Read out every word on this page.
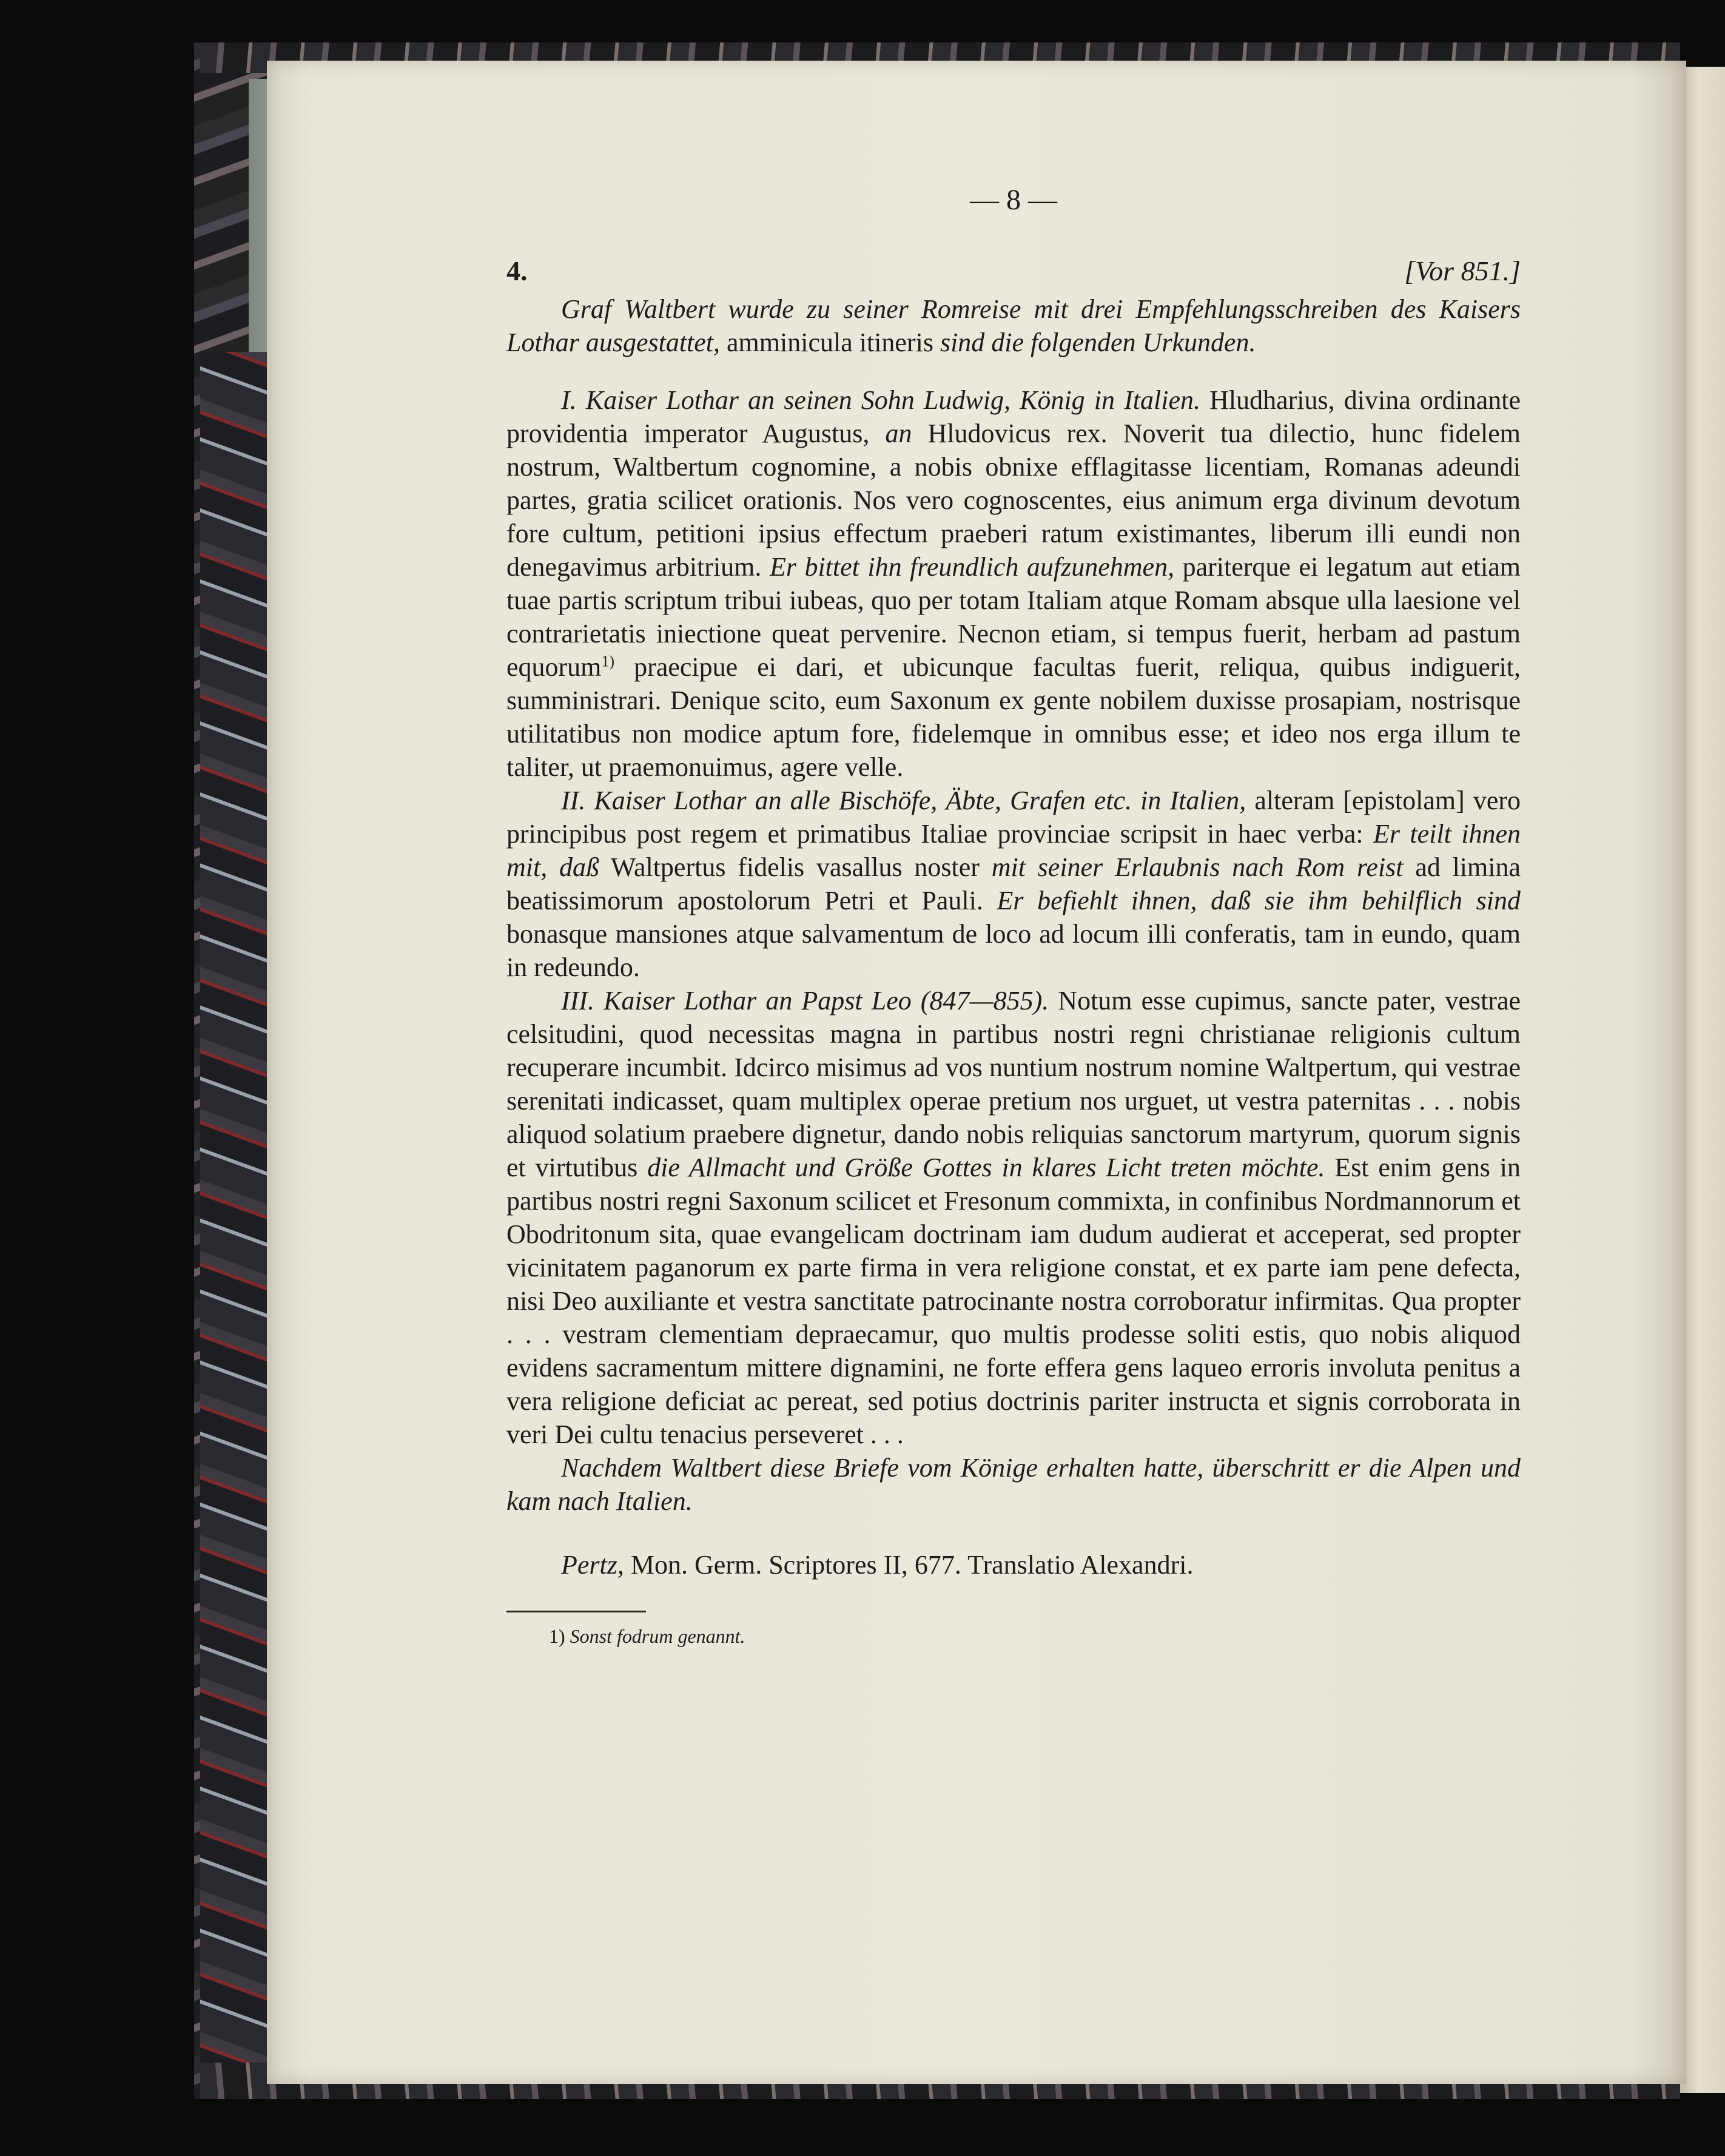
— 8 —
4.	[Vor 851.]

Graf Waltbert wurde zu seiner Romreise mit drei Empfehlungsschreiben des Kaisers Lothar ausgestattet, amminicula itineris sind die folgenden Urkunden.

I. Kaiser Lothar an seinen Sohn Ludwig, König in Italien. Hludharius, divina ordinante providentia imperator Augustus, an Hludovicus rex. Noverit tua dilectio, hunc fidelem nostrum, Waltbertum cognomine, a nobis obnixe efflagitasse licentiam, Romanas adeundi partes, gratia scilicet orationis. Nos vero cognoscentes, eius animum erga divinum devotum fore cultum, petitioni ipsius effectum praeberi ratum existimantes, liberum illi eundi non denegavimus arbitrium. Er bittet ihn freundlich aufzunehmen, pariterque ei legatum aut etiam tuae partis scriptum tribui iubeas, quo per totam Italiam atque Romam absque ulla laesione vel contrarietatis iniectione queat pervenire. Necnon etiam, si tempus fuerit, herbam ad pastum equorum$^{1)}$ praecipue ei dari, et ubicunque facultas fuerit, reliqua, quibus indiguerit, sumministrari. Denique scito, eum Saxonum ex gente nobilem duxisse prosapiam, nostrisque utilitatibus non modice aptum fore, fidelemque in omnibus esse; et ideo nos erga illum te taliter, ut praemonuimus, agere velle.

II. Kaiser Lothar an alle Bischöfe, Äbte, Grafen etc. in Italien, alteram [epistolam] vero principibus post regem et primatibus Italiae provinciae scripsit in haec verba: Er teilt ihnen mit, daß Waltpertus fidelis vasallus noster mit seiner Erlaubnis nach Rom reist ad limina beatissimorum apostolorum Petri et Pauli. Er befiehlt ihnen, daß sie ihm behilflich sind bonasque mansiones atque salvamentum de loco ad locum illi conferatis, tam in eundo, quam in redeundo.

III. Kaiser Lothar an Papst Leo (847—855). Notum esse cupimus, sancte pater, vestrae celsitudini, quod necessitas magna in partibus nostri regni christianae religionis cultum recuperare incumbit. Idcirco misimus ad vos nuntium nostrum nomine Waltpertum, qui vestrae serenitati indicasset, quam multiplex operae pretium nos urguet, ut vestra paternitas . . . nobis aliquod solatium praebere dignetur, dando nobis reliquias sanctorum martyrum, quorum signis et virtutibus die Allmacht und Größe Gottes in klares Licht treten möchte. Est enim gens in partibus nostri regni Saxonum scilicet et Fresonum commixta, in confinibus Nordmannorum et Obodritonum sita, quae evangelicam doctrinam iam dudum audierat et acceperat, sed propter vicinitatem paganorum ex parte firma in vera religione constat, et ex parte iam pene defecta, nisi Deo auxiliante et vestra sanctitate patrocinante nostra corroboratur infirmitas. Qua propter . . . vestram clementiam depraecamur, quo multis prodesse soliti estis, quo nobis aliquod evidens sacramentum mittere dignamini, ne forte effera gens laqueo erroris involuta penitus a vera religione deficiat ac pereat, sed potius doctrinis pariter instructa et signis corroborata in veri Dei cultu tenacius perseveret . . .

Nachdem Waltbert diese Briefe vom Könige erhalten hatte, überschritt er die Alpen und kam nach Italien.

Pertz, Mon. Germ. Scriptores II, 677. Translatio Alexandri.

1) Sonst fodrum genannt.
